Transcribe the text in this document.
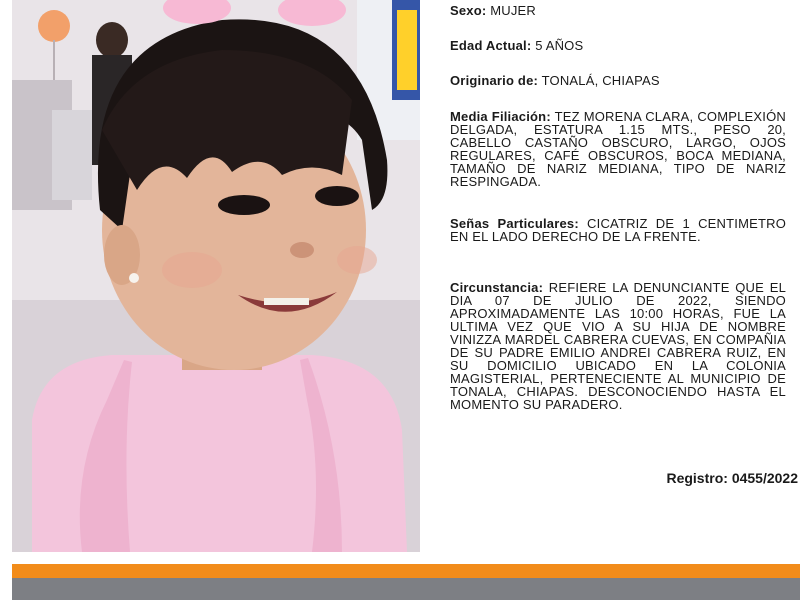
Sexo: MUJER
Edad Actual: 5 AÑOS
Originario de: TONALÁ, CHIAPAS
Media Filiación: TEZ MORENA CLARA, COMPLEXIÓN DELGADA, ESTATURA 1.15 MTS., PESO 20, CABELLO CASTAÑO OBSCURO, LARGO, OJOS REGULARES, CAFÉ OBSCUROS, BOCA MEDIANA, TAMAÑO DE NARIZ MEDIANA, TIPO DE NARIZ RESPINGADA.
Señas Particulares: CICATRIZ DE 1 CENTIMETRO EN EL LADO DERECHO DE LA FRENTE.
Circunstancia: REFIERE LA DENUNCIANTE QUE EL DIA 07 DE JULIO DE 2022, SIENDO APROXIMADAMENTE LAS 10:00 HORAS, FUE LA ULTIMA VEZ QUE VIO A SU HIJA DE NOMBRE VINIZZA MARDEL CABRERA CUEVAS, EN COMPAÑIA DE SU PADRE EMILIO ANDREI CABRERA RUIZ, EN SU DOMICILIO UBICADO EN LA COLONIA MAGISTERIAL, PERTENECIENTE AL MUNICIPIO DE TONALA, CHIAPAS. DESCONOCIENDO HASTA EL MOMENTO SU PARADERO.
Registro: 0455/2022
